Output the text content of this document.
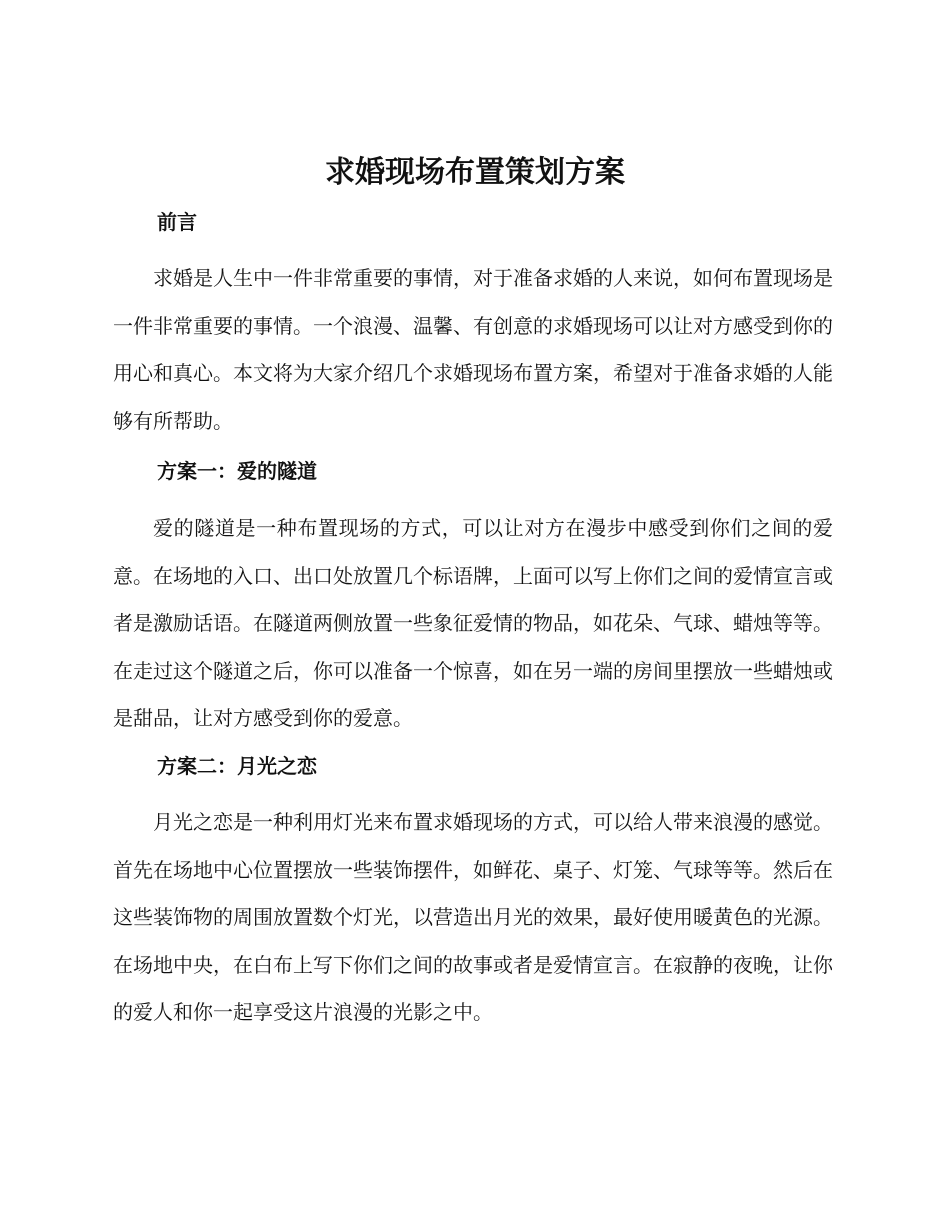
求婚现场布置策划方案
前言

求婚是人生中一件非常重要的事情，对于准备求婚的人来说，如何布置现场是一件非常重要的事情。一个浪漫、温馨、有创意的求婚现场可以让对方感受到你的用心和真心。本文将为大家介绍几个求婚现场布置方案，希望对于准备求婚的人能够有所帮助。

方案一：爱的隧道

爱的隧道是一种布置现场的方式，可以让对方在漫步中感受到你们之间的爱意。在场地的入口、出口处放置几个标语牌，上面可以写上你们之间的爱情宣言或者是激励话语。在隧道两侧放置一些象征爱情的物品，如花朵、气球、蜡烛等等。在走过这个隧道之后，你可以准备一个惊喜，如在另一端的房间里摆放一些蜡烛或是甜品，让对方感受到你的爱意。

方案二：月光之恋

月光之恋是一种利用灯光来布置求婚现场的方式，可以给人带来浪漫的感觉。首先在场地中心位置摆放一些装饰摆件，如鲜花、桌子、灯笼、气球等等。然后在这些装饰物的周围放置数个灯光，以营造出月光的效果，最好使用暖黄色的光源。在场地中央，在白布上写下你们之间的故事或者是爱情宣言。在寂静的夜晚，让你的爱人和你一起享受这片浪漫的光影之中。
